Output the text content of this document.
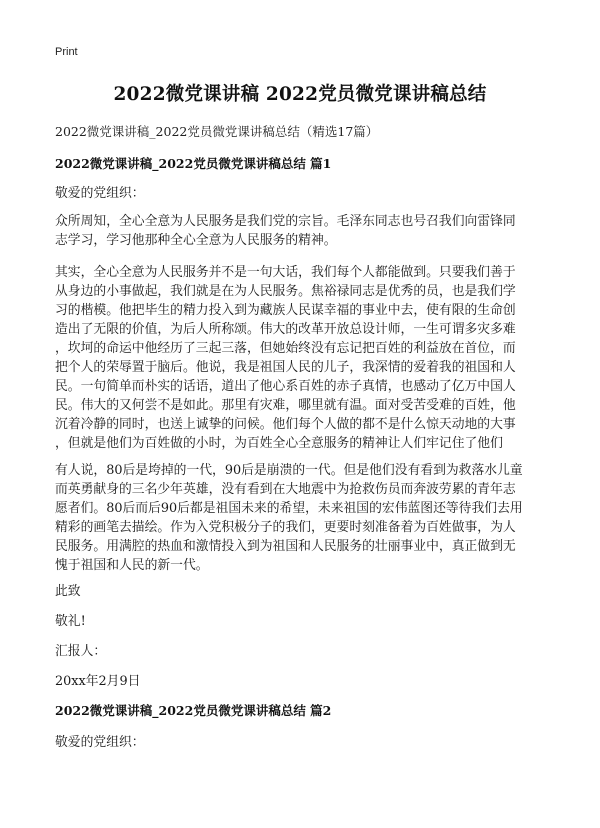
Print
2022微党课讲稿 2022党员微党课讲稿总结
2022微党课讲稿_2022党员微党课讲稿总结（精选17篇）
2022微党课讲稿_2022党员微党课讲稿总结 篇1
敬爱的党组织：
众所周知，全心全意为人民服务是我们党的宗旨。毛泽东同志也号召我们向雷锋同
志学习，学习他那种全心全意为人民服务的精神。
其实，全心全意为人民服务并不是一句大话，我们每个人都能做到。只要我们善于
从身边的小事做起，我们就是在为人民服务。焦裕禄同志是优秀的员，也是我们学
习的楷模。他把毕生的精力投入到为藏族人民谋幸福的事业中去，使有限的生命创
造出了无限的价值，为后人所称颂。伟大的改革开放总设计师，一生可谓多灾多难
，坎坷的命运中他经历了三起三落，但她始终没有忘记把百姓的利益放在首位，而
把个人的荣辱置于脑后。他说，我是祖国人民的儿子，我深情的爱着我的祖国和人
民。一句简单而朴实的话语，道出了他心系百姓的赤子真情，也感动了亿万中国人
民。伟大的又何尝不是如此。那里有灾难，哪里就有温。面对受苦受难的百姓，他
沉着冷静的同时，也送上诚挚的问候。他们每个人做的都不是什么惊天动地的大事
，但就是他们为百姓做的小时，为百姓全心全意服务的精神让人们牢记住了他们
有人说，80后是垮掉的一代，90后是崩溃的一代。但是他们没有看到为救落水儿童
而英勇献身的三名少年英雄，没有看到在大地震中为抢救伤员而奔波劳累的青年志
愿者们。80后而后90后都是祖国未来的希望，未来祖国的宏伟蓝图还等待我们去用
精彩的画笔去描绘。作为入党积极分子的我们，更要时刻准备着为百姓做事，为人
民服务。用满腔的热血和激情投入到为祖国和人民服务的壮丽事业中，真正做到无
愧于祖国和人民的新一代。
此致
敬礼!
汇报人：
20xx年2月9日
2022微党课讲稿_2022党员微党课讲稿总结 篇2
敬爱的党组织：
